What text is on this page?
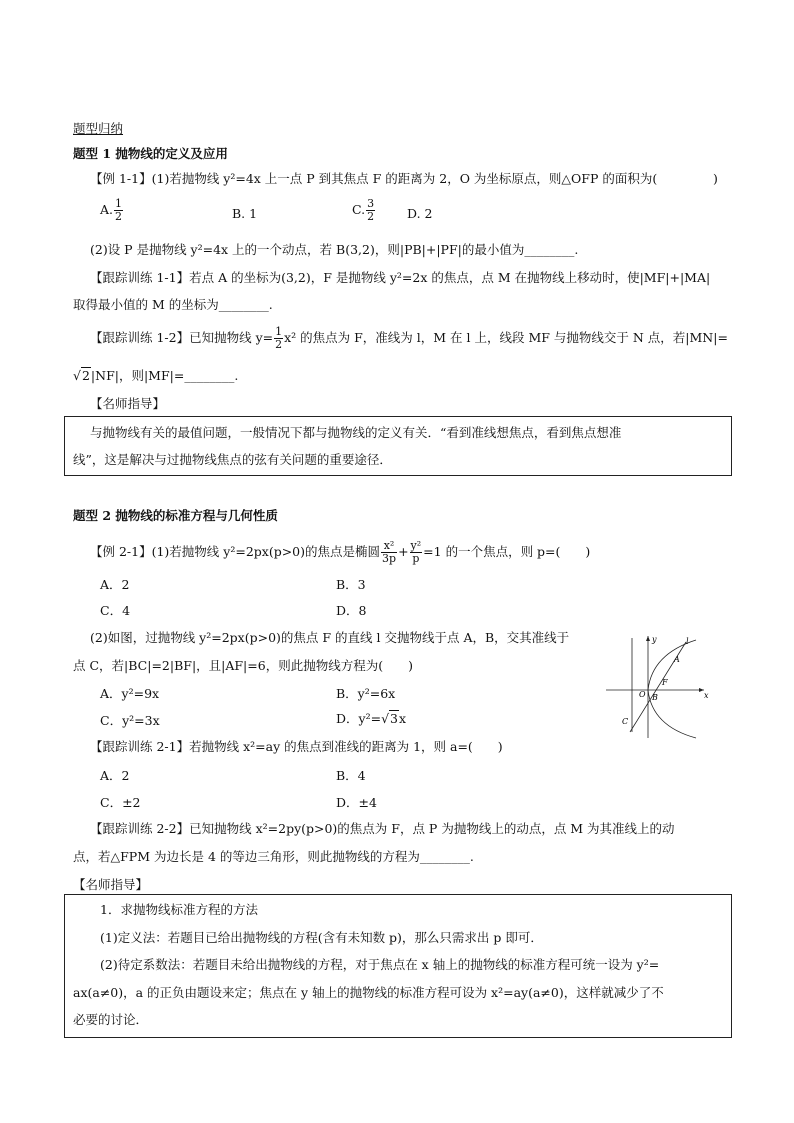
题型归纳
题型 1 抛物线的定义及应用
【例 1-1】(1)若抛物线 y²=4x 上一点 P 到其焦点 F 的距离为 2，O 为坐标原点，则△OFP 的面积为(	)
A. $\frac{1}{2}$	B. 1	C. $\frac{3}{2}$	D. 2
(2)设 P 是抛物线 y²=4x 上的一个动点，若 B(3,2)，则|PB|+|PF|的最小值为________.
【跟踪训练 1-1】若点 A 的坐标为(3,2)，F 是抛物线 y²=2x 的焦点，点 M 在抛物线上移动时，使|MF|+|MA|
取得最小值的 M 的坐标为________.
【跟踪训练 1-2】已知抛物线 $y= \frac{1}{2} x^2$ 的焦点为 F，准线为 l，M 在 l 上，线段 MF 与抛物线交于 N 点，若|MN|=
√2|NF|，则|MF|=________.
【名师指导】
与抛物线有关的最值问题，一般情况下都与抛物线的定义有关．“看到准线想焦点，看到焦点想准
线”，这是解决与过抛物线焦点的弦有关问题的重要途径．
题型 2 抛物线的标准方程与几何性质
【例 2-1】(1)若抛物线 y²=2px(p>0)的焦点是椭圆 $\frac{\text{x²}}{3p} + \frac{\text{y²}}{p} =1$ 的一个焦点，则 p=(　　)
A．2	B．3
C．4	D．8
(2)如图，过抛物线 y²=2px(p>0)的焦点 F 的直线 l 交抛物线于点 A，B，交其准线于
点 C，若|BC|=2|BF|，且|AF|=6，则此抛物线方程为(　　)
A．y²=9x	B．y²=6x
C．y²=3x	D．y²=√3x
y	l
A
F
O B	x
C
【跟踪训练 2-1】若抛物线 x²=ay 的焦点到准线的距离为 1，则 a=(　　)
A．2	B．4
C．±2	D．±4
【跟踪训练 2-2】已知抛物线 x²=2py(p>0)的焦点为 F，点 P 为抛物线上的动点，点 M 为其准线上的动
点，若△FPM 为边长是 4 的等边三角形，则此抛物线的方程为________.
【名师指导】
1．求抛物线标准方程的方法
(1)定义法：若题目已给出抛物线的方程(含有未知数 p)，那么只需求出 p 即可．
(2)待定系数法：若题目未给出抛物线的方程，对于焦点在 x 轴上的抛物线的标准方程可统一设为 y²=
ax(a≠0)，a 的正负由题设来定；焦点在 y 轴上的抛物线的标准方程可设为 x²=ay(a≠0)，这样就减少了不
必要的讨论．
